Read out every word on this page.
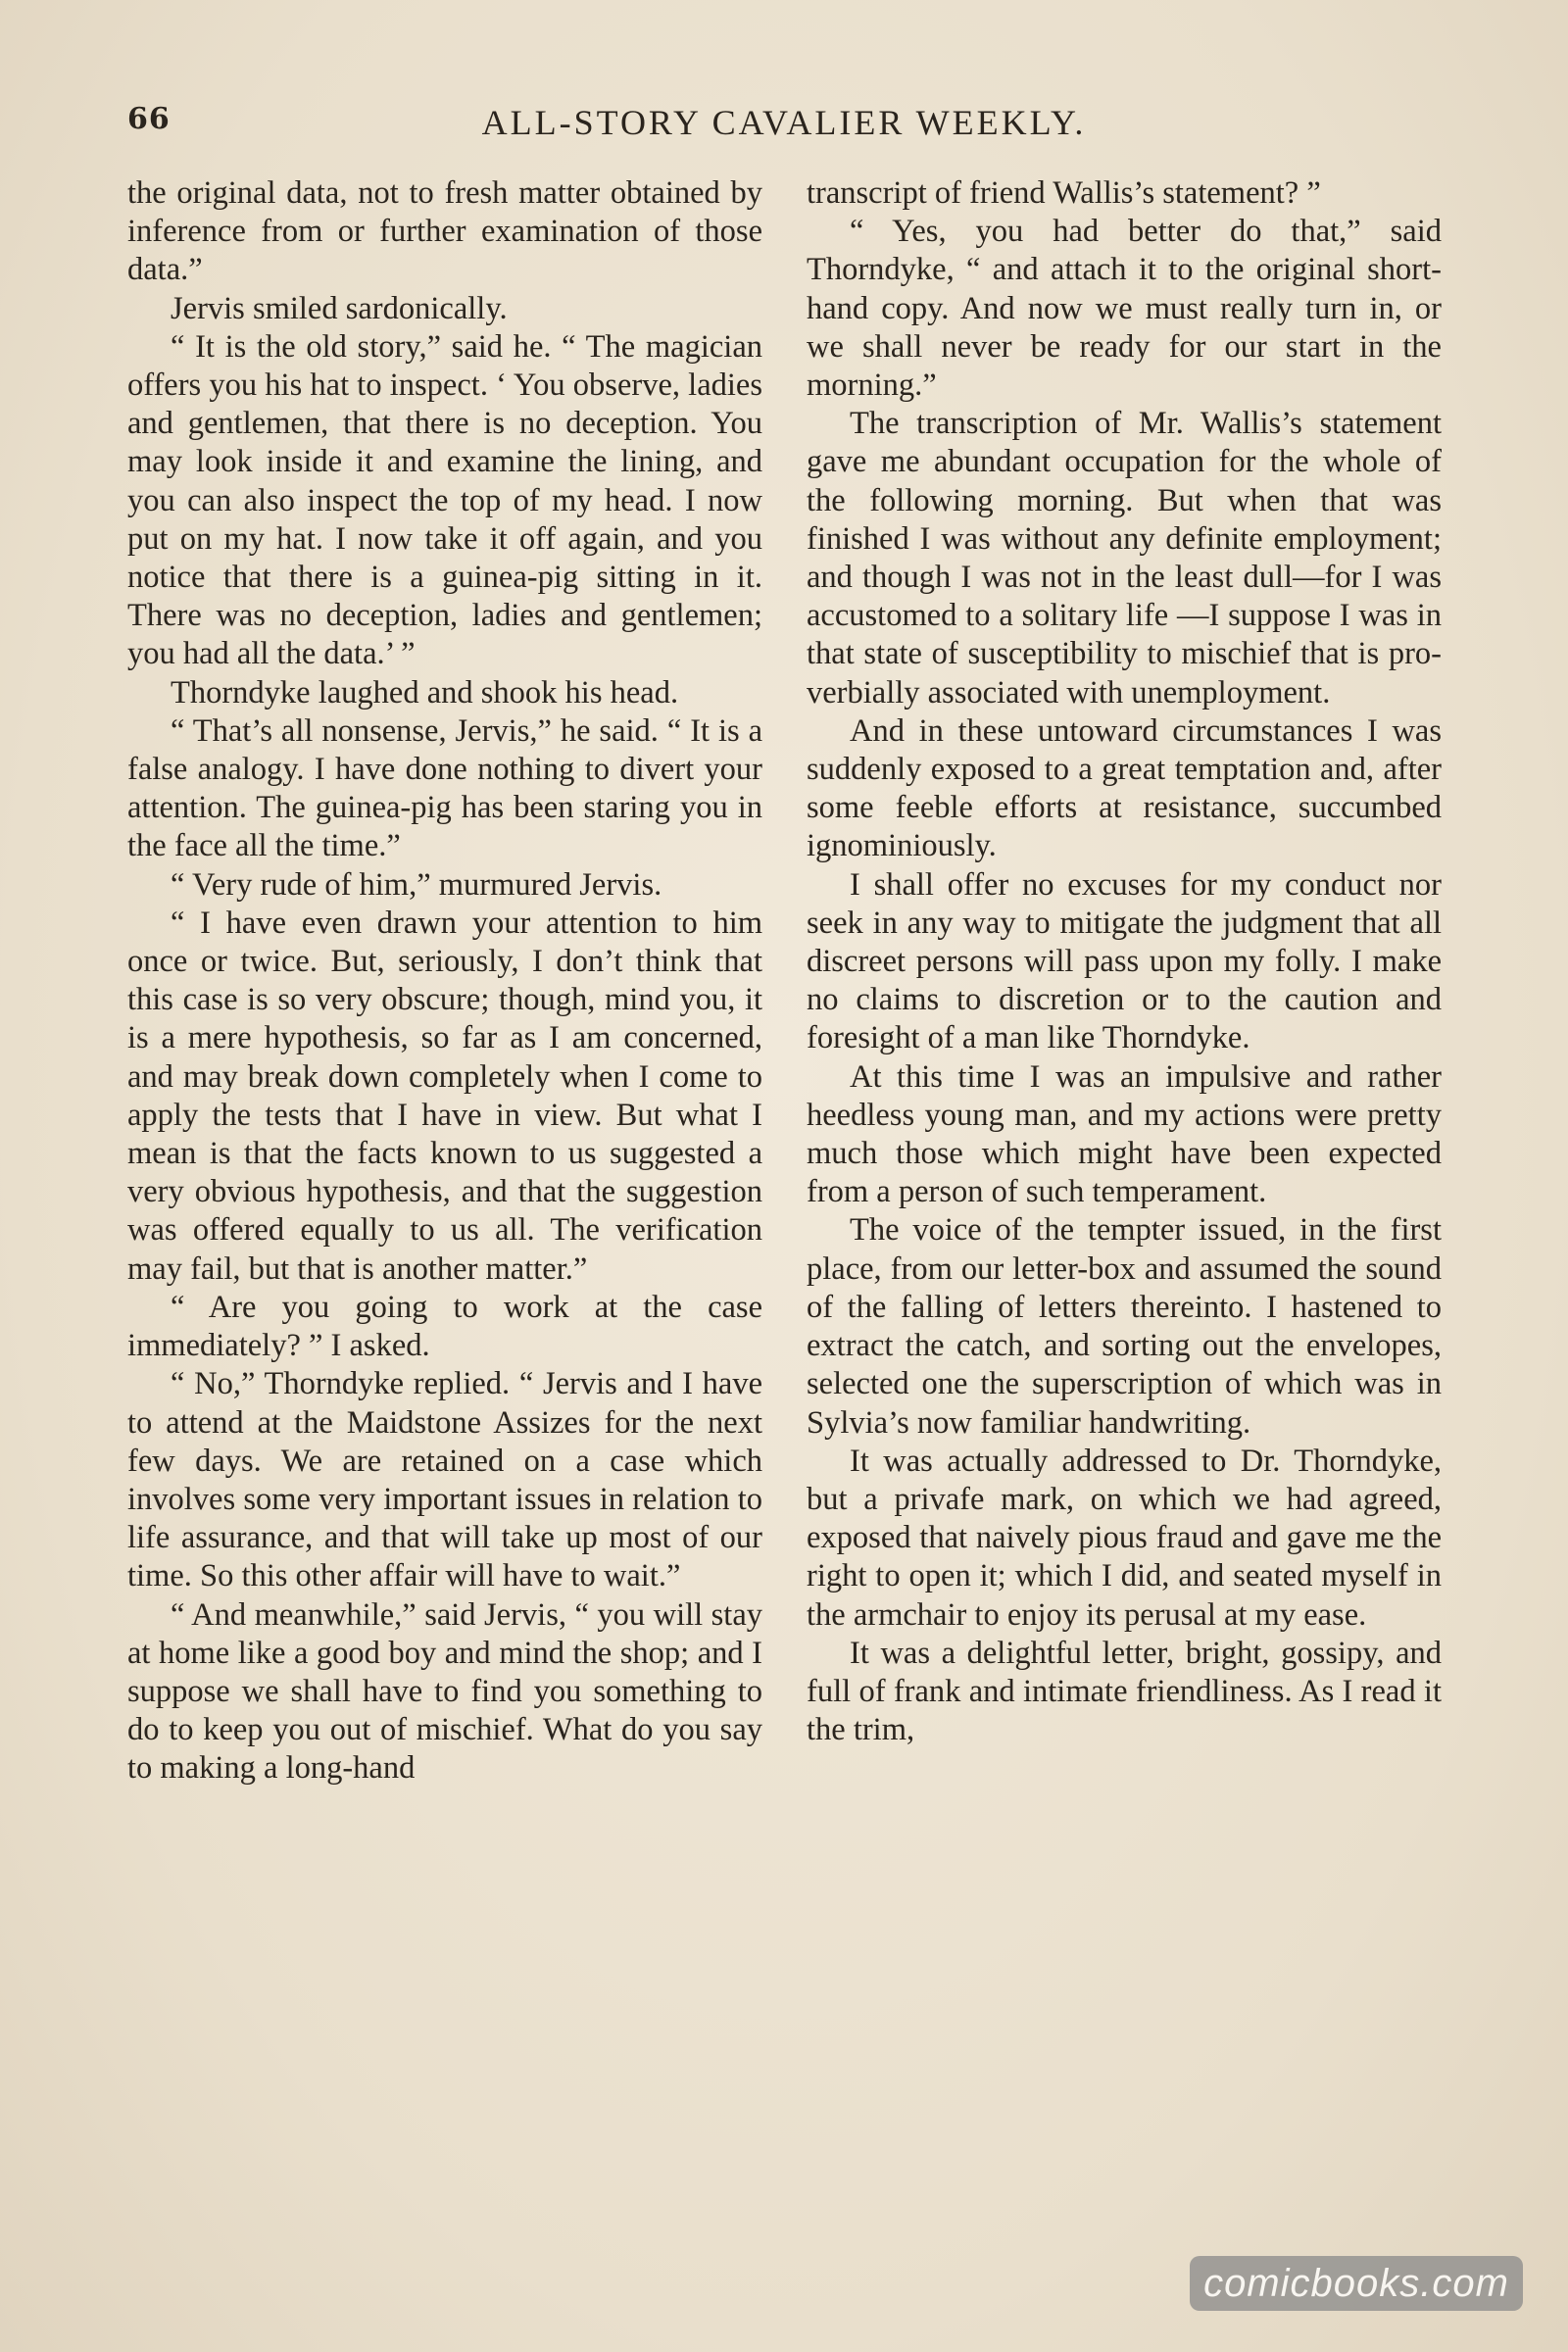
66	ALL-STORY CAVALIER WEEKLY.

the original data, not to fresh matter obtained by inference from or further examination of those data.”

Jervis smiled sardonically.

“ It is the old story,” said he. “ The magician offers you his hat to inspect. ‘ You observe, ladies and gentlemen, that there is no deception. You may look inside it and examine the lining, and you can also inspect the top of my head. I now put on my hat. I now take it off again, and you notice that there is a guinea-pig sitting in it. There was no deception, ladies and gentlemen; you had all the data.’ ”

Thorndyke laughed and shook his head.

“ That’s all nonsense, Jervis,” he said. “ It is a false analogy. I have done nothing to divert your attention. The guinea-pig has been staring you in the face all the time.”

“ Very rude of him,” murmured Jervis.

“ I have even drawn your attention to him once or twice. But, seriously, I don’t think that this case is so very obscure; though, mind you, it is a mere hypothesis, so far as I am concerned, and may break down completely when I come to apply the tests that I have in view. But what I mean is that the facts known to us suggested a very obvious hypothesis, and that the suggestion was offered equally to us all. The verification may fail, but that is another matter.”

“ Are you going to work at the case immediately? ” I asked.

“ No,” Thorndyke replied. “ Jervis and I have to attend at the Maidstone Assizes for the next few days. We are retained on a case which involves some very important issues in relation to life assurance, and that will take up most of our time. So this other affair will have to wait.”

“ And meanwhile,” said Jervis, “ you will stay at home like a good boy and mind the shop; and I suppose we shall have to find you something to do to keep you out of mischief. What do you say to making a long-hand

transcript of friend Wallis’s statement? ”

“ Yes, you had better do that,” said Thorndyke, “ and attach it to the original short-hand copy. And now we must really turn in, or we shall never be ready for our start in the morning.”

The transcription of Mr. Wallis’s statement gave me abundant occupation for the whole of the following morning. But when that was finished I was without any definite employment; and though I was not in the least dull—for I was accustomed to a solitary life —I suppose I was in that state of susceptibility to mischief that is proverbially associated with unemployment.

And in these untoward circumstances I was suddenly exposed to a great temptation and, after some feeble efforts at resistance, succumbed ignominiously.

I shall offer no excuses for my conduct nor seek in any way to mitigate the judgment that all discreet persons will pass upon my folly. I make no claims to discretion or to the caution and foresight of a man like Thorndyke.

At this time I was an impulsive and rather heedless young man, and my actions were pretty much those which might have been expected from a person of such temperament.

The voice of the tempter issued, in the first place, from our letter-box and assumed the sound of the falling of letters thereinto. I hastened to extract the catch, and sorting out the envelopes, selected one the superscription of which was in Sylvia’s now familiar handwriting.

It was actually addressed to Dr. Thorndyke, but a privafe mark, on which we had agreed, exposed that naively pious fraud and gave me the right to open it; which I did, and seated myself in the armchair to enjoy its perusal at my ease.

It was a delightful letter, bright, gossipy, and full of frank and intimate friendliness. As I read it the trim,

comicbooks.com
